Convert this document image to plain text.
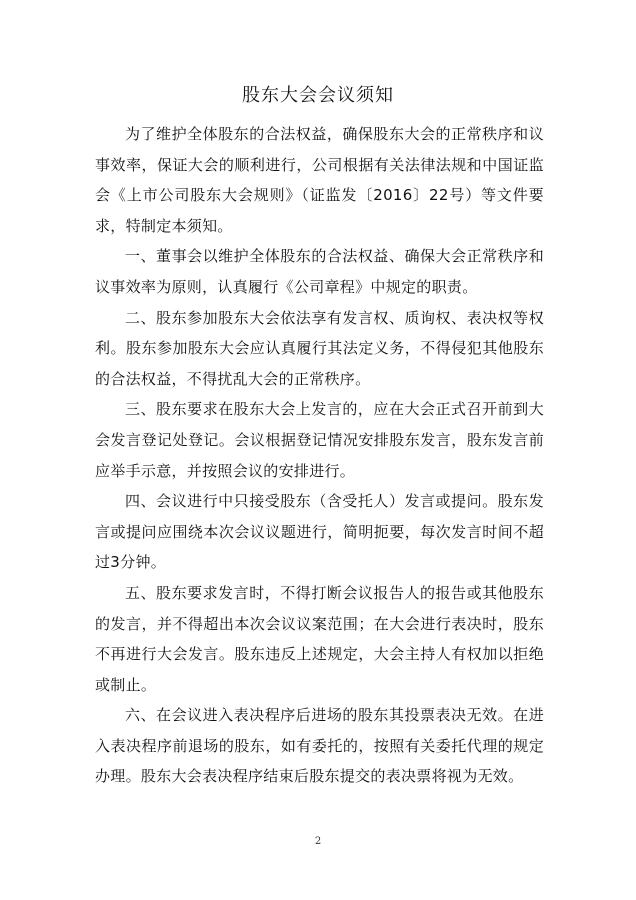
股东大会会议须知

为了维护全体股东的合法权益，确保股东大会的正常秩序和议事效率，保证大会的顺利进行，公司根据有关法律法规和中国证监会《上市公司股东大会规则》（证监发〔2016〕22号）等文件要求，特制定本须知。

一、董事会以维护全体股东的合法权益、确保大会正常秩序和议事效率为原则，认真履行《公司章程》中规定的职责。

二、股东参加股东大会依法享有发言权、质询权、表决权等权利。股东参加股东大会应认真履行其法定义务，不得侵犯其他股东的合法权益，不得扰乱大会的正常秩序。

三、股东要求在股东大会上发言的，应在大会正式召开前到大会发言登记处登记。会议根据登记情况安排股东发言，股东发言前应举手示意，并按照会议的安排进行。

四、会议进行中只接受股东（含受托人）发言或提问。股东发言或提问应围绕本次会议议题进行，简明扼要，每次发言时间不超过3分钟。

五、股东要求发言时，不得打断会议报告人的报告或其他股东的发言，并不得超出本次会议议案范围；在大会进行表决时，股东不再进行大会发言。股东违反上述规定，大会主持人有权加以拒绝或制止。

六、在会议进入表决程序后进场的股东其投票表决无效。在进入表决程序前退场的股东，如有委托的，按照有关委托代理的规定办理。股东大会表决程序结束后股东提交的表决票将视为无效。

2
